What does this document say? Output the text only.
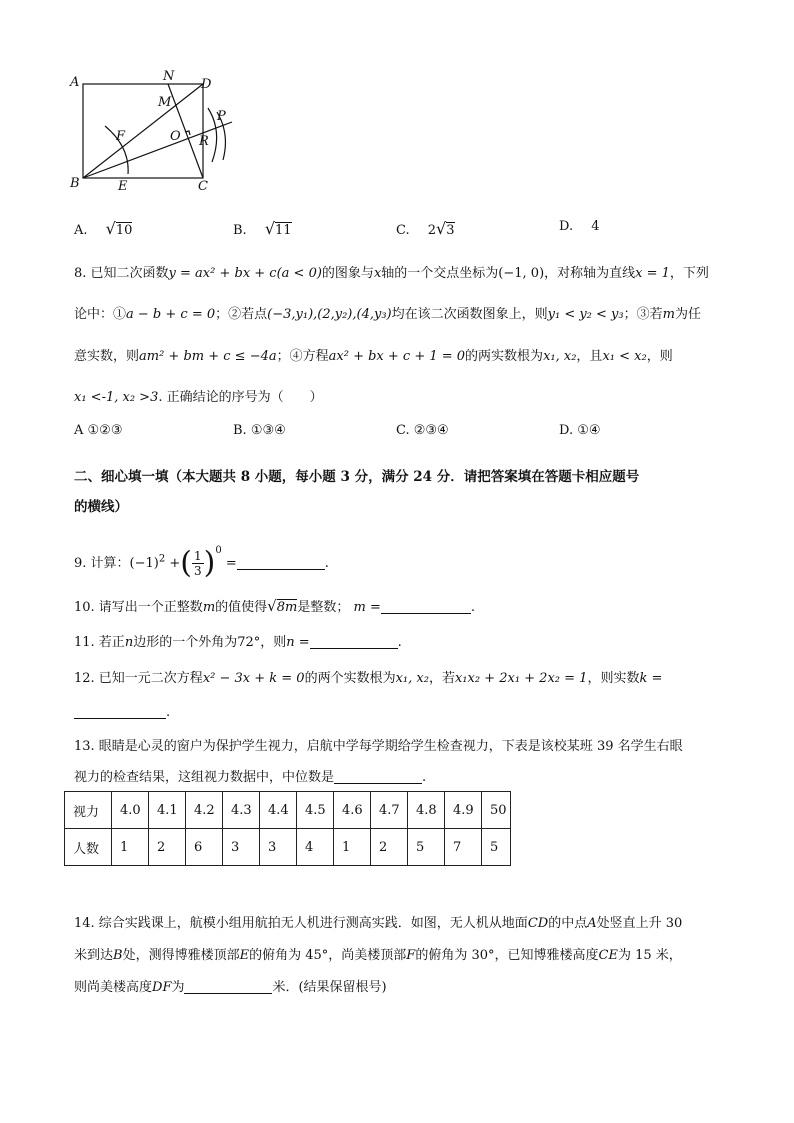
A
B	C
D
N
M
F	O
E
R
P
A. √10	B. √11	C. 2√3	D. 4
8. 已知二次函数y = ax² + bx + c(a < 0)的图象与x轴的一个交点坐标为(−1, 0)，对称轴为直线x = 1，下列
论中：①a − b + c = 0；②若点(−3,y₁),(2,y₂),(4,y₃)均在该二次函数图象上，则y₁ < y₂ < y₃；③若m为任
意实数，则am² + bm + c ≤ −4a；④方程ax² + bx + c + 1 = 0的两实数根为x₁, x₂，且x₁ < x₂，则
x₁ <-1, x₂ >3. 正确结论的序号为（　　）
A ①②③	B. ①③④	C. ②③④	D. ①④
二、细心填一填（本大题共 8 小题，每小题 3 分，满分 24 分．请把答案填在答题卡相应题号
的横线）
9. 计算：$(-1)^2$ +( $\frac{1}{3} )^0$ =	.
10. 请写出一个正整数m的值使得√8m是整数； m =	.
11. 若正n边形的一个外角为72°，则n =	.
12. 已知一元二次方程x² − 3x + k = 0的两个实数根为x₁, x₂，若x₁x₂ + 2x₁ + 2x₂ = 1，则实数k =
.
13. 眼睛是心灵的窗户为保护学生视力，启航中学每学期给学生检查视力，下表是该校某班 39 名学生右眼
视力的检查结果，这组视力数据中，中位数是	.
视力	4.0	4.1	4.2	4.3	4.4	4.5	4.6	4.7	4.8	4.9	50
人数	1	2	6	3	3	4	1	2	5	7	5
14. 综合实践课上，航模小组用航拍无人机进行测高实践．如图，无人机从地面CD的中点A处竖直上升 30
米到达B处，测得博雅楼顶部E的俯角为 45°，尚美楼顶部F的俯角为 30°，已知博雅楼高度CE为 15 米，
则尚美楼高度DF为	米．(结果保留根号)
